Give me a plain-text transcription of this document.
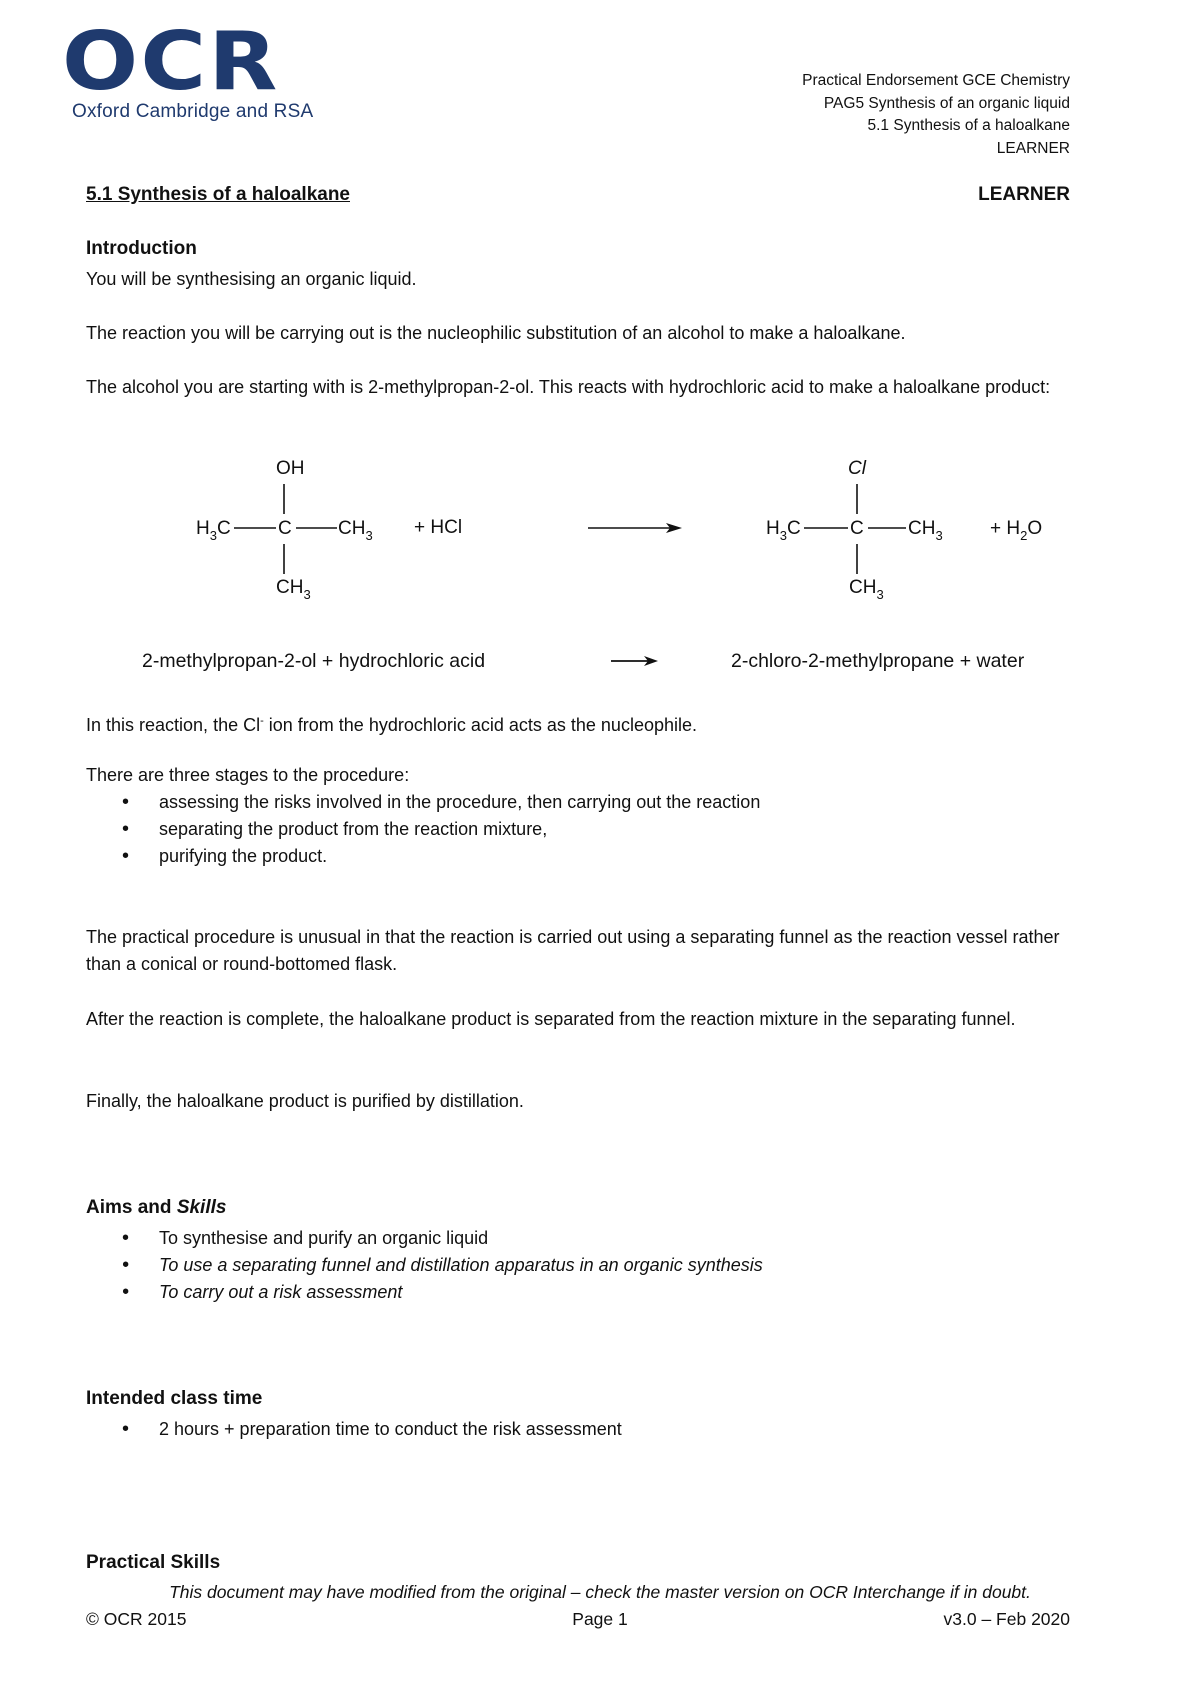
OCR
Oxford Cambridge and RSA
Practical Endorsement GCE Chemistry
PAG5 Synthesis of an organic liquid
5.1 Synthesis of a haloalkane
LEARNER
5.1 Synthesis of a haloalkane	LEARNER
Introduction
You will be synthesising an organic liquid.
The reaction you will be carrying out is the nucleophilic substitution of an alcohol to make a haloalkane.
The alcohol you are starting with is 2-methylpropan-2-ol. This reacts with hydrochloric acid to make a haloalkane product:
OH
$H_3C$ C $CH_3$
$CH_3$
+ HCl
Cl
$H_3C$	C $CH_3$
$CH_3$
+ $H_2O$
2-methylpropan-2-ol + hydrochloric acid	2-chloro-2-methylpropane + water
In this reaction, the Cl- ion from the hydrochloric acid acts as the nucleophile.
There are three stages to the procedure:
• assessing the risks involved in the procedure, then carrying out the reaction
• separating the product from the reaction mixture,
• purifying the product.
The practical procedure is unusual in that the reaction is carried out using a separating funnel as the reaction vessel rather than a conical or round-bottomed flask.
After the reaction is complete, the haloalkane product is separated from the reaction mixture in the separating funnel.
Finally, the haloalkane product is purified by distillation.
Aims and Skills
• To synthesise and purify an organic liquid
• To use a separating funnel and distillation apparatus in an organic synthesis
• To carry out a risk assessment
Intended class time
• 2 hours + preparation time to conduct the risk assessment
Practical Skills
This document may have modified from the original – check the master version on OCR Interchange if in doubt.
© OCR 2015	Page 1	v3.0 – Feb 2020
